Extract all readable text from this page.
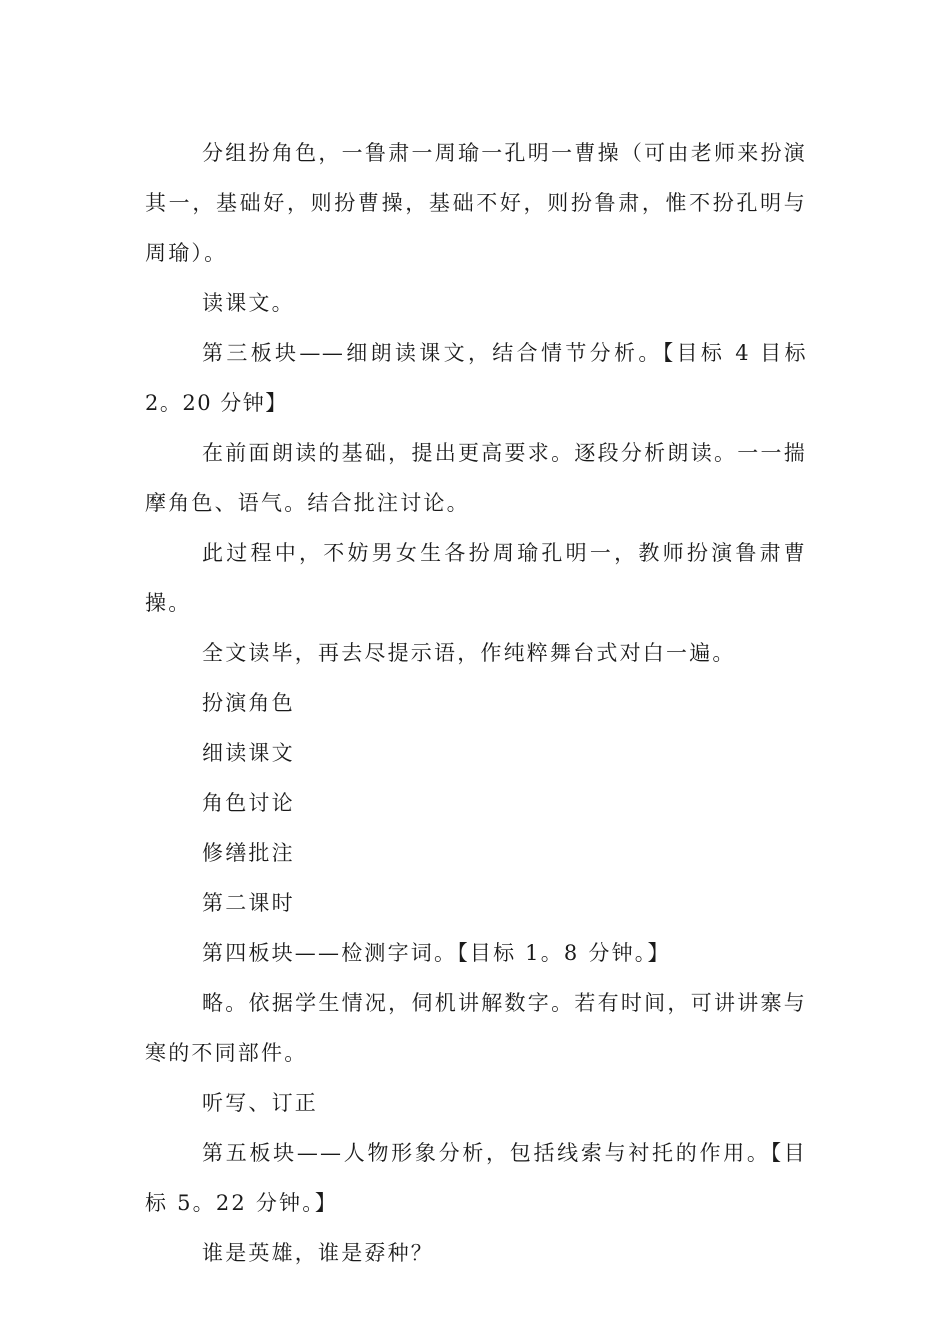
分组扮角色，一鲁肃一周瑜一孔明一曹操（可由老师来扮演其一，基础好，则扮曹操，基础不好，则扮鲁肃，惟不扮孔明与周瑜）。

读课文。

第三板块——细朗读课文，结合情节分析。【目标 4 目标 2。20 分钟】

在前面朗读的基础，提出更高要求。逐段分析朗读。一一揣摩角色、语气。结合批注讨论。

此过程中，不妨男女生各扮周瑜孔明一，教师扮演鲁肃曹操。

全文读毕，再去尽提示语，作纯粹舞台式对白一遍。

扮演角色

细读课文

角色讨论

修缮批注

第二课时

第四板块——检测字词。【目标 1。8 分钟。】

略。依据学生情况，伺机讲解数字。若有时间，可讲讲寨与寒的不同部件。

听写、订正

第五板块——人物形象分析，包括线索与衬托的作用。【目标 5。22 分钟。】

谁是英雄，谁是孬种？
